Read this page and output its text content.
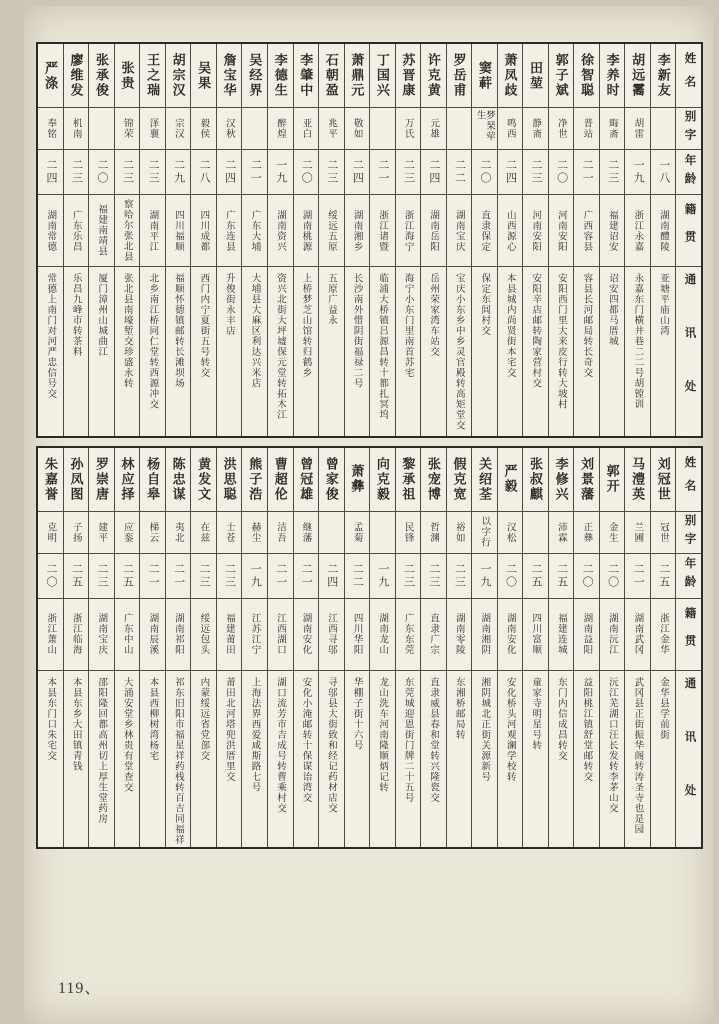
姓名
别字
年龄
籍贯
通讯处
李新友
一八
湖南醴陵
亚塘平庙山湾
胡远霱
胡雷
一九
浙江永嘉
永嘉东门横井巷二二号胡镗训
李养时
晦斋
二三
福建诏安
诏安四都马厝城
徐智聪
普站
二一
广西容县
容县长河邮局转长奇交
郭子斌
净世
二〇
河南安阳
安阳西门里大来皮行转大坡村
田堃
静斋
二三
河南安阳
安阳辛店邮转陶家营村交
萧凤歧
鸣西
二四
山西源心
本县城内尚贤街本宅交
窦蓒
梦琹荦生
二〇
直隶保定
保定东闾村交
罗岳甫
二二
湖南宝庆
宝庆小东乡中乡灵官殿转高矩堂交
许克黄
元雄
二四
湖南岳阳
岳州荣家湾车站交
苏晋康
万氏
二三
浙江海宁
海宁小东门里南首苏宅
丁国兴
二一
浙江诸暨
临浦大桥镇吕源昌转十都扎冥坞
萧鼎元
敬如
二四
湖南湘乡
长沙南外惜阴街福禄二号
石朝盈
兆平
二三
绥远五原
五原广益永
李肇中
亚白
二〇
湖南桃源
上桥梦芝山馆转归鹤乡
李德生
醉煌
一九
湖南资兴
资兴北街大坪墟保元堂转拓木江
吴经界
二一
广东大埔
大埔县大麻区利达兴米店
詹宝华
汉秋
二四
广东连县
升俊街永丰店
吴果
毅侯
二八
四川成都
西门内宁夏街五号转交
胡宗汉
宗汉
二九
四川福顺
福顺怀德镇邮转长滩坝场
王之瑞
泽襄
二三
湖南平江
北乡南江桥同仁堂转西源冲交
张贵
锦荣
二三
察哈尔张北县
张北县南壕堑交珍盛永转
张承俊
二〇
福建南靖县
厦门漳州山城曲江
廖维发
机南
二三
广东乐昌
乐昌九峰市转茶料
严涤
奉铭
二四
湖南常德
常德上南门对河严忠信号交
姓名
别字
年龄
籍贯
通讯处
刘冠世
冠世
二五
浙江金华
金华县学前街
马澧英
兰圃
二一
湖南武冈
武冈县正街振华阁转涛圣寺也是园
郭开
金生
二〇
湖南沅江
沅江芜湖口汪长发转李茅山交
刘景藩
正彝
二〇
湖南益阳
益阳桃江镇舒堂邮转交
李修兴
沛霖
二五
福建连城
东门内信成昌转交
张叔麒
二五
四川富顺
童家寺明星号转
严毅
汉松
二〇
湖南安化
安化桥头河观澜学校转
关绍荃
以字行
一九
湖南湘阴
湘阴城北正街关源新号
假克宽
裕如
二三
湖南零陵
东湘桥邮局转
张宠博
哲渊
二三
直隶广宗
直隶威县春和堂转兴隆瓷交
黎承祖
民锋
二三
广东东莞
东莞城迎恩街门牌二十五号
向克毅
一九
湖南龙山
龙山洗车河南隆顺炳记转
萧彝
孟菊
二二
四川华阳
华棚子街十六号
曾家俊
二四
江西寻邬
寻邬县大街致和经记药材店交
曾冠雄
继藩
二一
湖南安化
安化小淹邮转十保谋诒湾交
曹超伦
洁吾
二一
江西湖口
湖口流芳市吉成号转曹乘村交
熊子浩
赫尘
一九
江苏江宁
上海法界西爱咸斯路七号
洪思聪
士苍
二三
福建莆田
莆田北河塔兜洪厝里交
黄发文
在兹
二三
绥远包头
内蒙绥远省党部交
陈忠谋
夷北
二一
湖南祁阳
祁东旧阳市福星祥药栈转百吉同福祥
杨自皋
梯云
二一
湖南辰溪
本县西柳树湾杨宅
林应择
应銮
二五
广东中山
大涌安堂乡林贵有堂查交
罗崇唐
建平
二三
湖南宝庆
邵阳隆回都高州切上厚生堂药房
孙凤图
子扬
二五
浙江临海
本县东乡大田镇青钱
朱嘉誉
克明
二〇
浙江萧山
本县东门口朱宅交
119、
